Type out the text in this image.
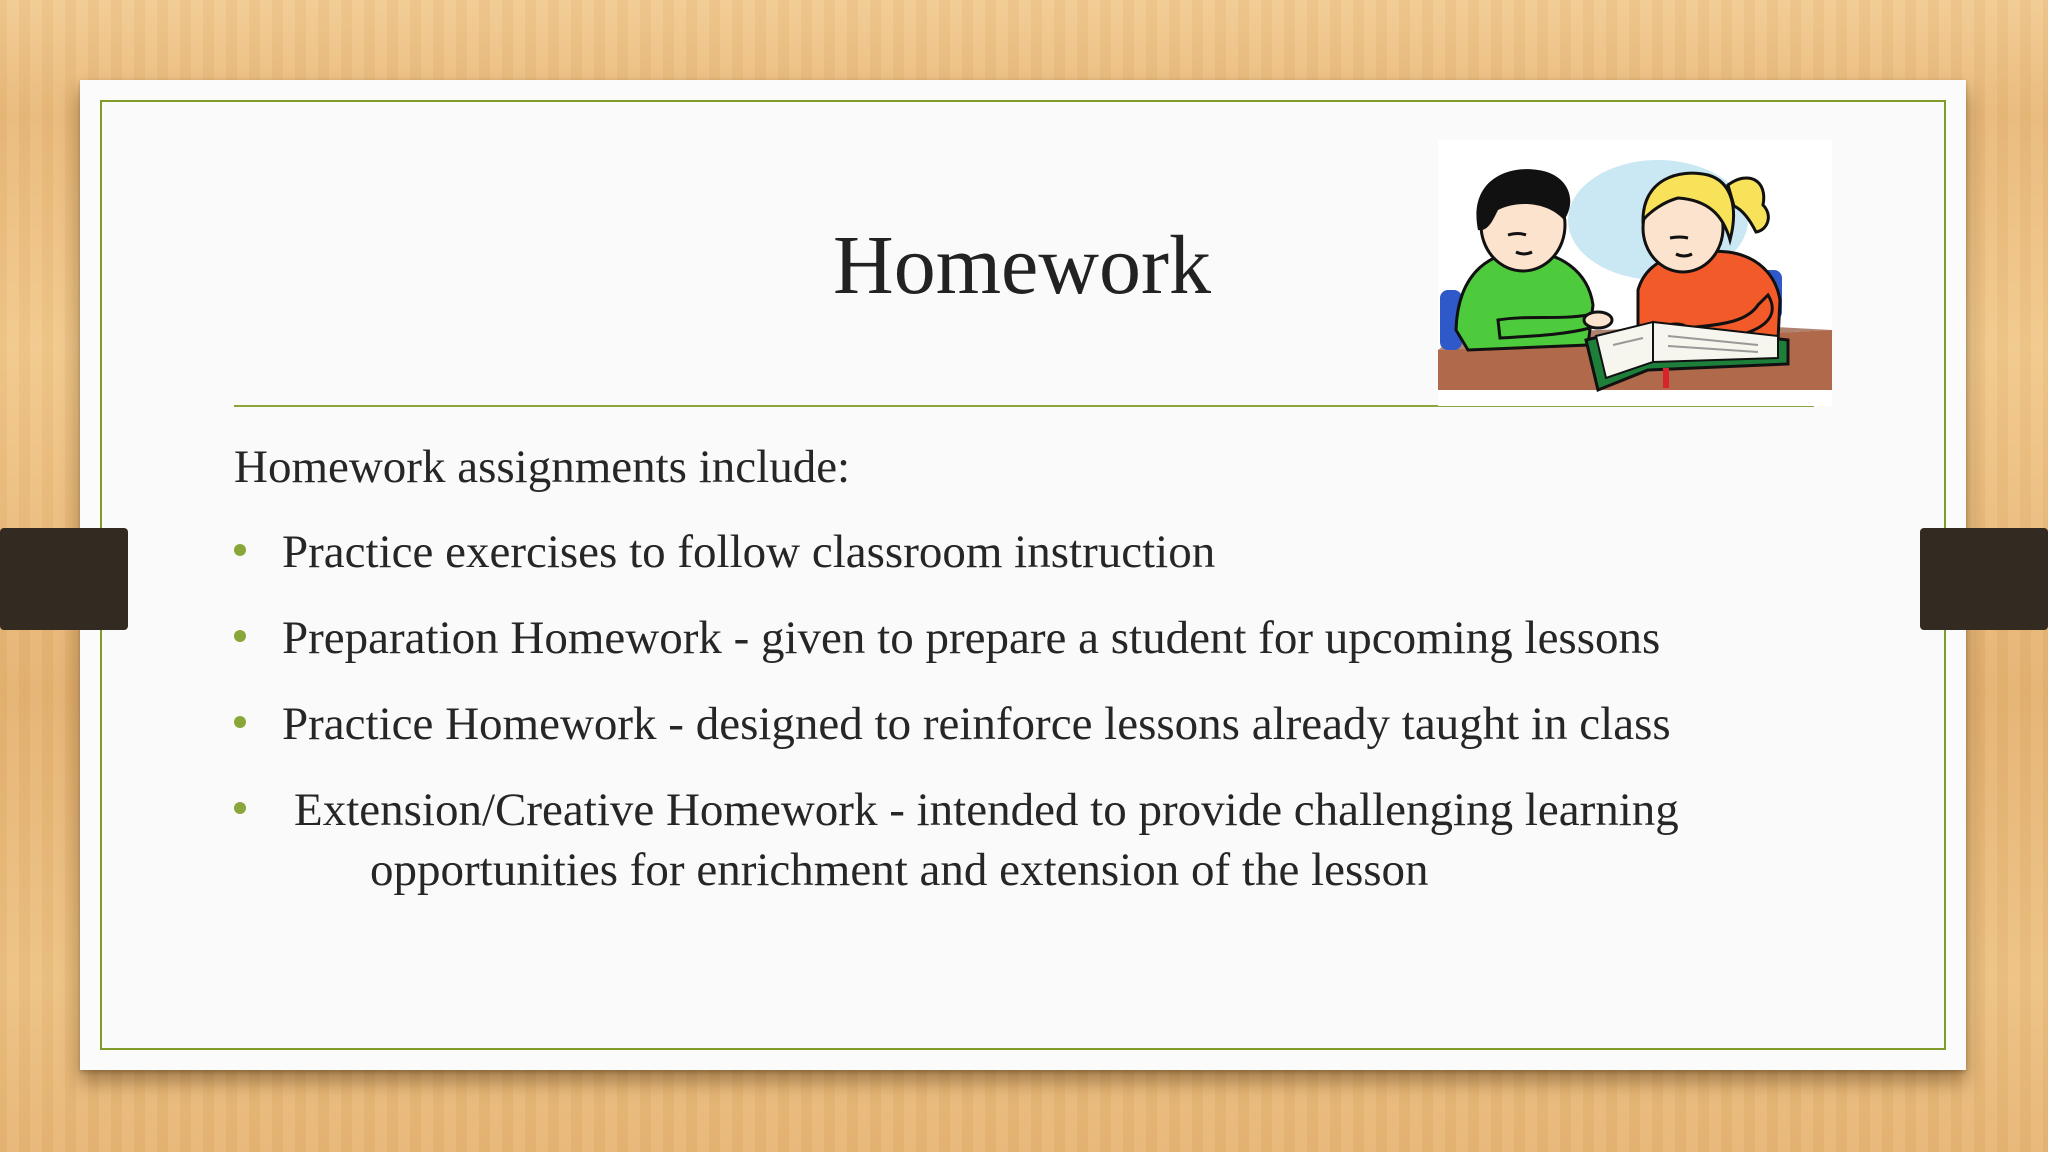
Homework
Homework assignments include:
Practice exercises to follow classroom instruction
Preparation Homework - given to prepare a student for upcoming lessons
Practice Homework - designed to reinforce lessons already taught in class
Extension/Creative Homework - intended to provide challenging learning
opportunities for enrichment and extension of the lesson
